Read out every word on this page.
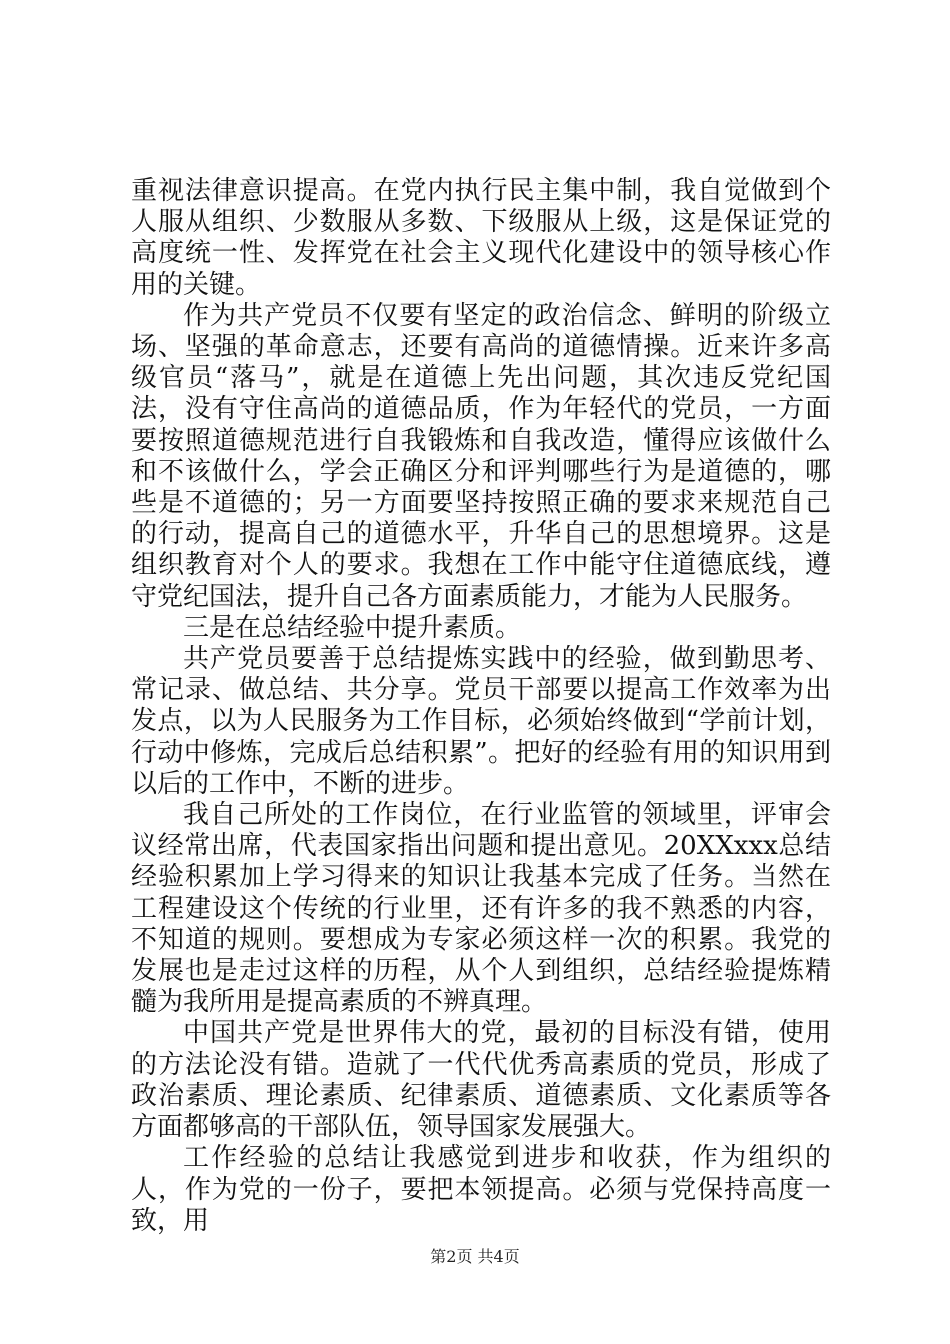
重视法律意识提高。在党内执行民主集中制，我自觉做到个人服从组织、少数服从多数、下级服从上级，这是保证党的高度统一性、发挥党在社会主义现代化建设中的领导核心作用的关键。

作为共产党员不仅要有坚定的政治信念、鲜明的阶级立场、坚强的革命意志，还要有高尚的道德情操。近来许多高级官员“落马”，就是在道德上先出问题，其次违反党纪国法，没有守住高尚的道德品质，作为年轻代的党员，一方面要按照道德规范进行自我锻炼和自我改造，懂得应该做什么和不该做什么，学会正确区分和评判哪些行为是道德的，哪些是不道德的；另一方面要坚持按照正确的要求来规范自己的行动，提高自己的道德水平，升华自己的思想境界。这是组织教育对个人的要求。我想在工作中能守住道德底线，遵守党纪国法，提升自己各方面素质能力，才能为人民服务。

三是在总结经验中提升素质。

共产党员要善于总结提炼实践中的经验，做到勤思考、常记录、做总结、共分享。党员干部要以提高工作效率为出发点，以为人民服务为工作目标，必须始终做到“学前计划，行动中修炼，完成后总结积累”。把好的经验有用的知识用到以后的工作中，不断的进步。

我自己所处的工作岗位，在行业监管的领域里，评审会议经常出席，代表国家指出问题和提出意见。20XXxxx总结经验积累加上学习得来的知识让我基本完成了任务。当然在工程建设这个传统的行业里，还有许多的我不熟悉的内容，不知道的规则。要想成为专家必须这样一次的积累。我党的发展也是走过这样的历程，从个人到组织，总结经验提炼精髓为我所用是提高素质的不辨真理。

中国共产党是世界伟大的党，最初的目标没有错，使用的方法论没有错。造就了一代代优秀高素质的党员，形成了政治素质、理论素质、纪律素质、道德素质、文化素质等各方面都够高的干部队伍，领导国家发展强大。

工作经验的总结让我感觉到进步和收获，作为组织的人，作为党的一份子，要把本领提高。必须与党保持高度一致，用

第2页 共4页
